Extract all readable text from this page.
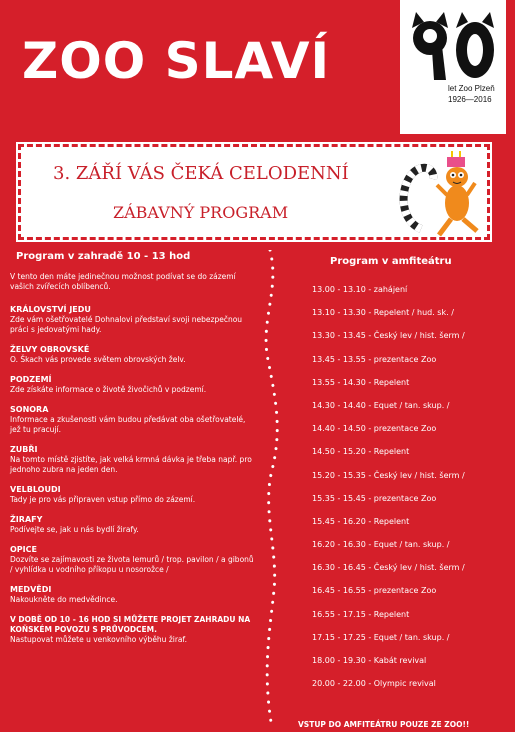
ZOO SLAVÍ	let Zoo Plzeň
1926—2016
3. ZÁŘÍ VÁS ČEKÁ CELODENNÍ
ZÁBAVNÝ PROGRAM
Program v zahradě 10 - 13 hod
V tento den máte jedinečnou možnost podívat se do zázemí vašich zvířecích oblíbenců.
KRÁLOVSTVÍ JEDU
Zde vám ošetřovatelé Dohnalovi představí svoji nebezpečnou práci s jedovatými hady.
ŽELVY OBROVSKÉ
O. Škach vás provede světem obrovských želv.
PODZEMÍ
Zde získáte informace o životě živočichů v podzemí.
SONORA
Informace a zkušenosti vám budou předávat oba ošetřovatelé, jež tu pracují.
ZUBŘI
Na tomto místě zjistíte, jak velká krmná dávka je třeba např. pro jednoho zubra na jeden den.
VELBLOUDI
Tady je pro vás připraven vstup přímo do zázemí.
ŽIRAFY
Podívejte se, jak u nás bydlí žirafy.
OPICE
Dozvíte se zajímavosti ze života lemurů / trop. pavilon / a gibonů / vyhlídka u vodního příkopu u nosorožce /
MEDVĚDI
Nakoukněte do medvědince.
V DOBĚ OD 10 - 16 HOD SI MŮŽETE PROJET ZAHRADU NA KOŇSKÉM POVOZU S PRŮVODCEM.
Nastupovat můžete u venkovního výběhu žiraf.
Program v amfiteátru
13.00 - 13.10 - zahájení
13.10 - 13.30 - Repelent / hud. sk. /
13.30 - 13.45 - Český lev / hist. šerm /
13.45 - 13.55 - prezentace Zoo
13.55 - 14.30 - Repelent
14.30 - 14.40 - Equet / tan. skup. /
14.40 - 14.50 - prezentace Zoo
14.50 - 15.20 - Repelent
15.20 - 15.35 - Český lev / hist. šerm /
15.35 - 15.45 - prezentace Zoo
15.45 - 16.20 - Repelent
16.20 - 16.30 - Equet / tan. skup. /
16.30 - 16.45 - Český lev / hist. šerm /
16.45 - 16.55 - prezentace Zoo
16.55 - 17.15 - Repelent
17.15 - 17.25 - Equet / tan. skup. /
18.00 - 19.30 - Kabát revival
20.00 - 22.00 - Olympic revival
VSTUP DO AMFITEÁTRU POUZE ZE ZOO!!
